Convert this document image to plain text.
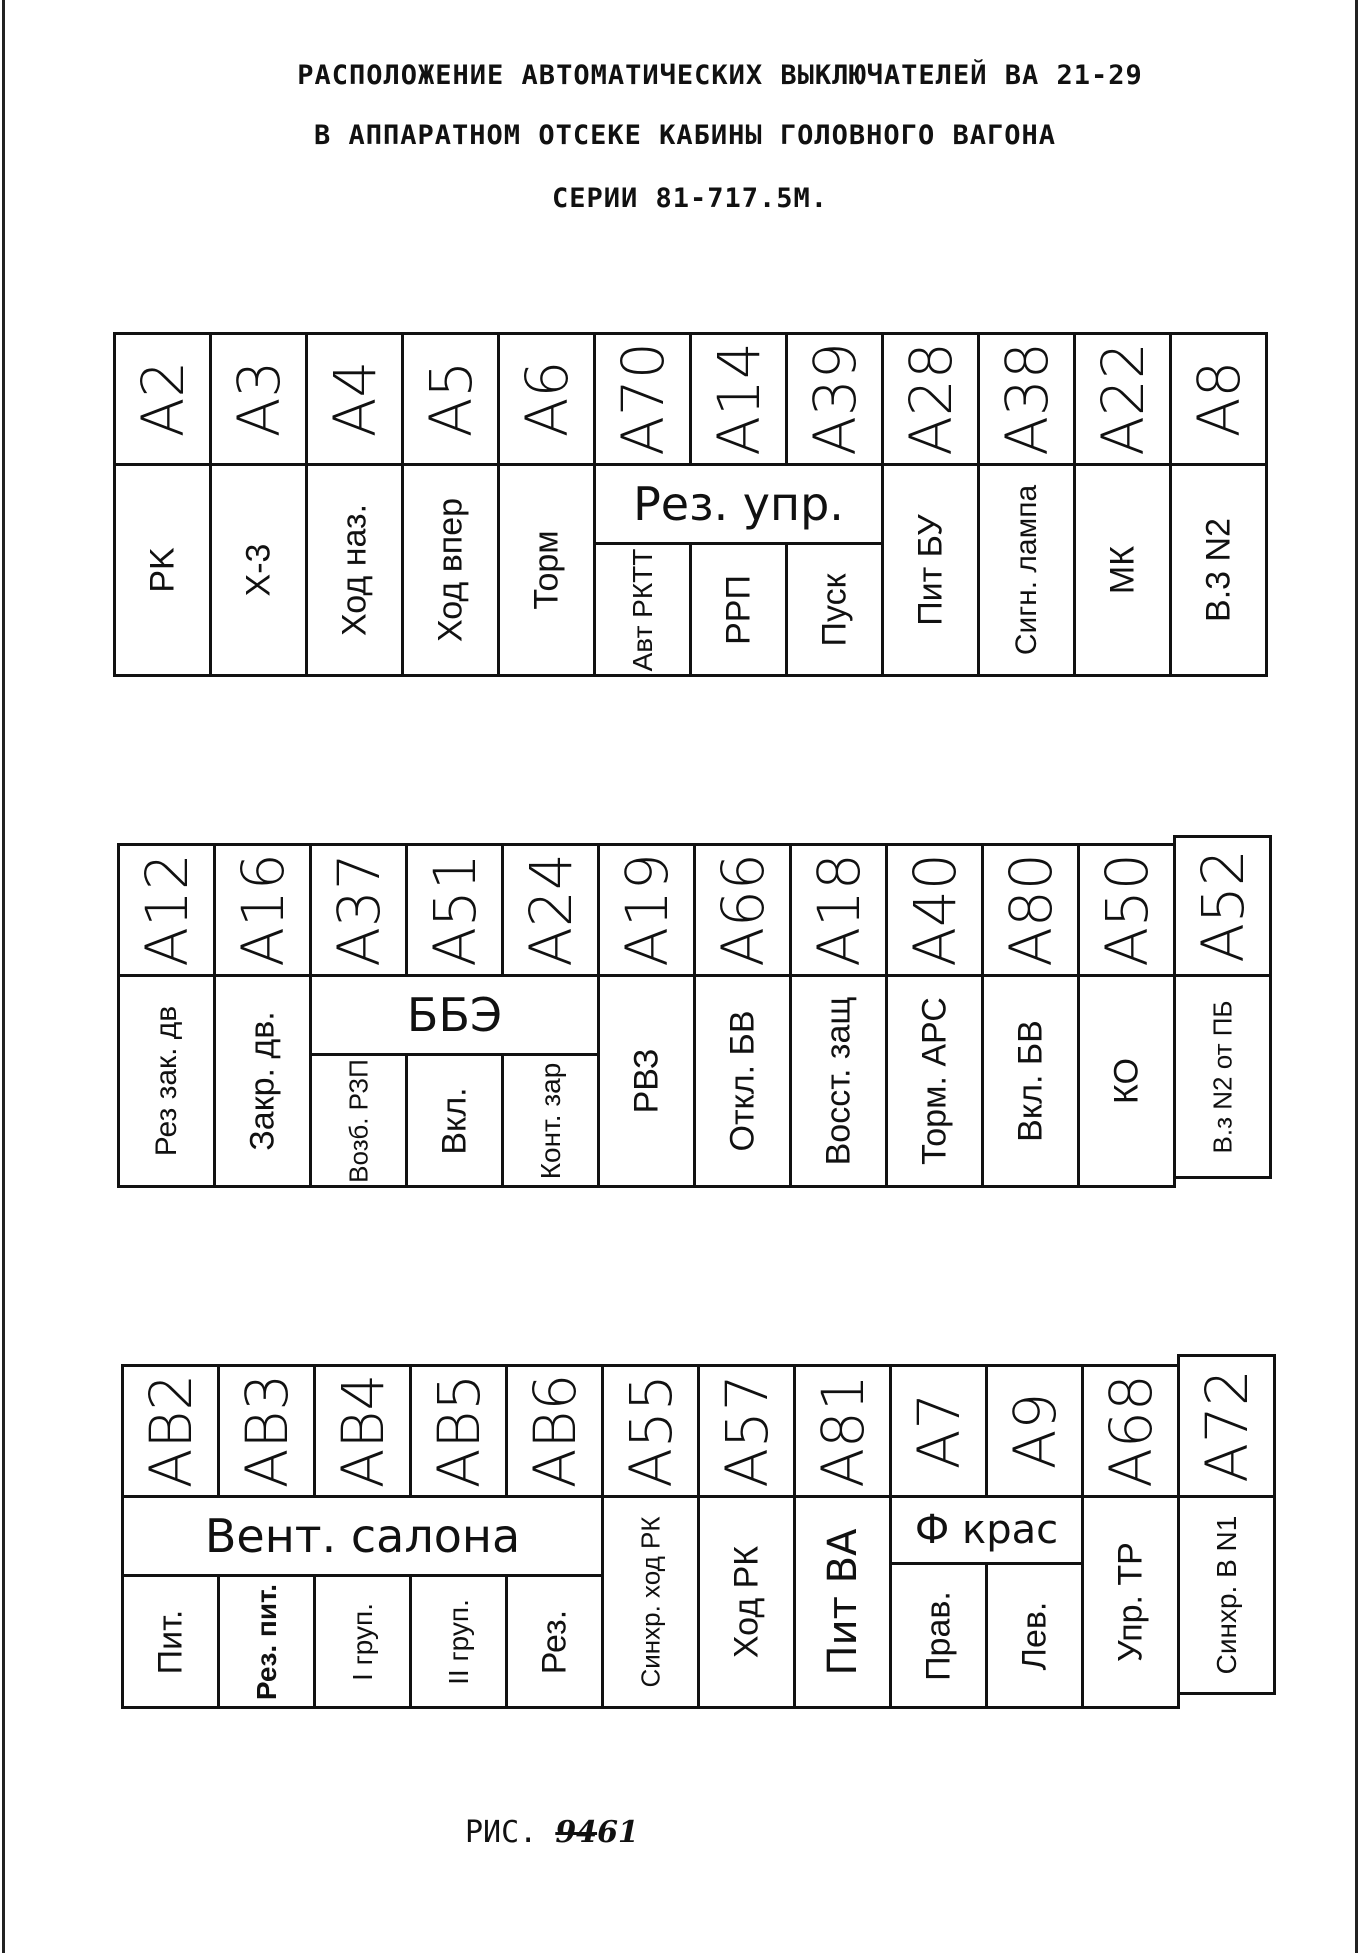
РАСПОЛОЖЕНИЕ АВТОМАТИЧЕСКИХ ВЫКЛЮЧАТЕЛЕЙ ВА 21-29
В АППАРАТНОМ ОТСЕКЕ КАБИНЫ ГОЛОВНОГО ВАГОНА
СЕРИИ 81-717.5М.
A2 A3 A4 A5 A6 A70 A14 A39 A28 A38 A22 A8
PK X-3 Ход наз. Ход впер Торм
Рез. упр.
Авт РКТТ РРП Пуск Пит БУ Сигн. лампа МК В.3 N2
A12 A16 A37 A51 A24 A19 A66 A18 A40 A80 A50 A52
Рез зак. дв Закр. дв.	ББЭ
Возб. РЗП Вкл. Конт. зар РВЗ Откл. БВ Восст. защ Торм. АРС Вкл. БВ КО В.з N2 от ПБ
AB2 AB3 AB4 AB5 AB6 A55 A57 A81 A7 A9 A68 A72
Вент. салона
Пит. Рез. пит. I груп. II груп. Рез. Синхр. ход РК Ход РК Пит ВА Ф крас
Прав. Лев. Упр. ТР Синхр. В N1
РИС. 9461
